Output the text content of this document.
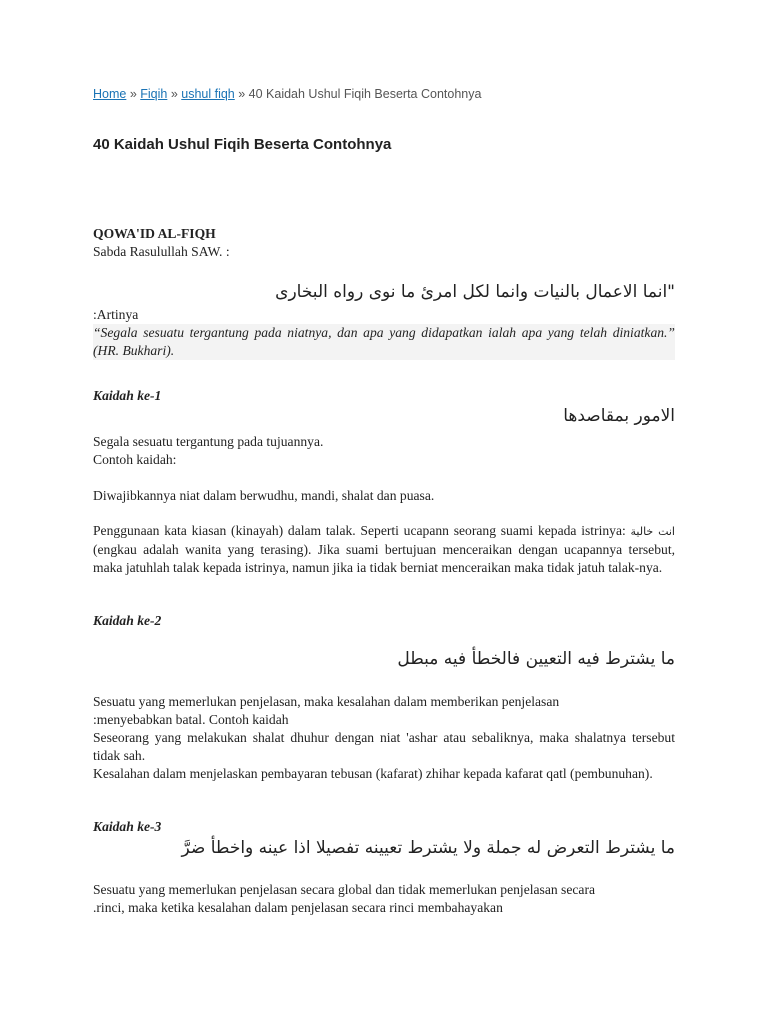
Home » Fiqih » ushul fiqh » 40 Kaidah Ushul Fiqih Beserta Contohnya
40 Kaidah Ushul Fiqih Beserta Contohnya
QOWA'ID AL-FIQH
Sabda Rasulullah SAW. :
"انما الاعمال بالنيات وانما لكل امرئ ما نوى رواه البخارى
:Artinya
“Segala sesuatu tergantung pada niatnya, dan apa yang didapatkan ialah apa yang telah diniatkan.” (HR. Bukhari).
Kaidah ke-1
الامور بمقاصدها
Segala sesuatu tergantung pada tujuannya.
Contoh kaidah:
Diwajibkannya niat dalam berwudhu, mandi, shalat dan puasa.
Penggunaan kata kiasan (kinayah) dalam talak. Seperti ucapann seorang suami kepada istrinya: انت خالية (engkau adalah wanita yang terasing). Jika suami bertujuan menceraikan dengan ucapannya tersebut, maka jatuhlah talak kepada istrinya, namun jika ia tidak berniat menceraikan maka tidak jatuh talak-nya.
Kaidah ke-2
ما يشترط فيه التعيين فالخطأ فيه مبطل
Sesuatu yang memerlukan penjelasan, maka kesalahan dalam memberikan penjelasan
:menyebabkan batal. Contoh kaidah
Seseorang yang melakukan shalat dhuhur dengan niat 'ashar atau sebaliknya, maka shalatnya tersebut tidak sah.
Kesalahan dalam menjelaskan pembayaran tebusan (kafarat) zhihar kepada kafarat qatl (pembunuhan).
Kaidah ke-3
ما يشترط التعرض له جملة ولا يشترط تعيينه تفصيلا اذا عينه واخطأ ضرَّ
Sesuatu yang memerlukan penjelasan secara global dan tidak memerlukan penjelasan secara
.rinci, maka ketika kesalahan dalam penjelasan secara rinci membahayakan
